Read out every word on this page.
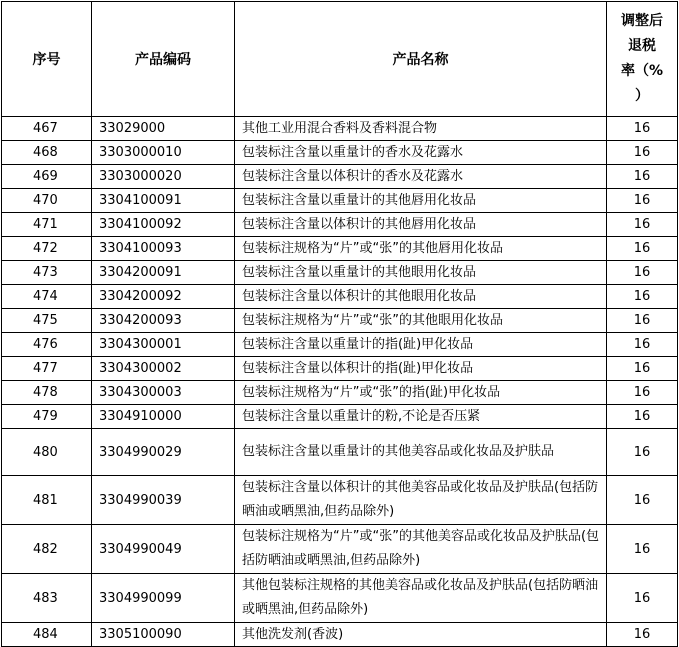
序号	产品编码	产品名称	调整后
退税
率（%
）

467	33029000	其他工业用混合香料及香料混合物	16
468	3303000010	包装标注含量以重量计的香水及花露水	16
469	3303000020	包装标注含量以体积计的香水及花露水	16
470	3304100091	包装标注含量以重量计的其他唇用化妆品	16
471	3304100092	包装标注含量以体积计的其他唇用化妆品	16
472	3304100093	包装标注规格为“片”或“张”的其他唇用化妆品	16
473	3304200091	包装标注含量以重量计的其他眼用化妆品	16
474	3304200092	包装标注含量以体积计的其他眼用化妆品	16
475	3304200093	包装标注规格为“片”或“张”的其他眼用化妆品	16
476	3304300001	包装标注含量以重量计的指(趾)甲化妆品	16
477	3304300002	包装标注含量以体积计的指(趾)甲化妆品	16
478	3304300003	包装标注规格为“片”或“张”的指(趾)甲化妆品	16
479	3304910000	包装标注含量以重量计的粉,不论是否压紧	16
480	3304990029	包装标注含量以重量计的其他美容品或化妆品及护肤品	16
481	3304990039	包装标注含量以体积计的其他美容品或化妆品及护肤品(包括防晒油或晒黑油,但药品除外)	16
482	3304990049	包装标注规格为“片”或“张”的其他美容品或化妆品及护肤品(包括防晒油或晒黑油,但药品除外)	16
483	3304990099	其他包装标注规格的其他美容品或化妆品及护肤品(包括防晒油或晒黑油,但药品除外)	16
484	3305100090	其他洗发剂(香波)	16
